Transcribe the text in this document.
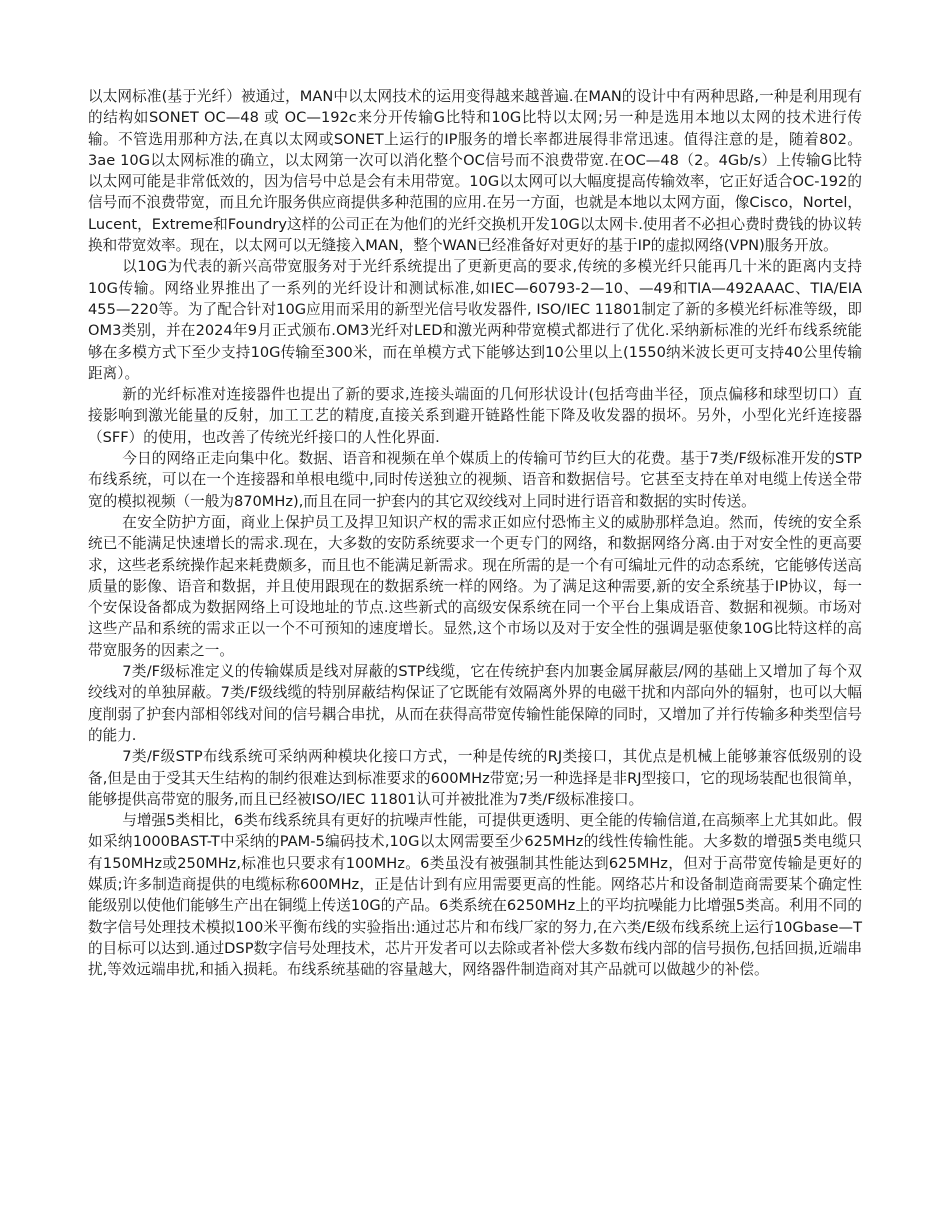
以太网标准(基于光纤）被通过，MAN中以太网技术的运用变得越来越普遍.在MAN的设计中有两种思路,一种是利用现有的结构如SONET OC—48 或 OC—192c来分开传输G比特和10G比特以太网;另一种是选用本地以太网的技术进行传输。不管选用那种方法,在真以太网或SONET上运行的IP服务的增长率都进展得非常迅速。值得注意的是，随着802。3ae 10G以太网标准的确立，以太网第一次可以消化整个OC信号而不浪费带宽.在OC—48（2。4Gb/s）上传输G比特以太网可能是非常低效的，因为信号中总是会有未用带宽。10G以太网可以大幅度提高传输效率，它正好适合OC-192的信号而不浪费带宽，而且允许服务供应商提供多种范围的应用.在另一方面，也就是本地以太网方面，像Cisco，Nortel，Lucent，Extreme和Foundry这样的公司正在为他们的光纤交换机开发10G以太网卡.使用者不必担心费时费钱的协议转换和带宽效率。现在，以太网可以无缝接入MAN，整个WAN已经准备好对更好的基于IP的虚拟网络(VPN)服务开放。

以10G为代表的新兴高带宽服务对于光纤系统提出了更新更高的要求,传统的多模光纤只能再几十米的距离内支持10G传输。网络业界推出了一系列的光纤设计和测试标准,如IEC—60793-2—10、—49和TIA—492AAAC、TIA/EIA 455—220等。为了配合针对10G应用而采用的新型光信号收发器件, ISO/IEC 11801制定了新的多模光纤标准等级，即OM3类别，并在2024年9月正式颁布.OM3光纤对LED和激光两种带宽模式都进行了优化.采纳新标准的光纤布线系统能够在多模方式下至少支持10G传输至300米，而在单模方式下能够达到10公里以上(1550纳米波长更可支持40公里传输距离）。

新的光纤标准对连接器件也提出了新的要求,连接头端面的几何形状设计(包括弯曲半径，顶点偏移和球型切口）直接影响到激光能量的反射，加工工艺的精度,直接关系到避开链路性能下降及收发器的损坏。另外，小型化光纤连接器（SFF）的使用，也改善了传统光纤接口的人性化界面.

今日的网络正走向集中化。数据、语音和视频在单个媒质上的传输可节约巨大的花费。基于7类/F级标准开发的STP布线系统，可以在一个连接器和单根电缆中,同时传送独立的视频、语音和数据信号。它甚至支持在单对电缆上传送全带宽的模拟视频（一般为870MHz),而且在同一护套内的其它双绞线对上同时进行语音和数据的实时传送。

在安全防护方面，商业上保护员工及捍卫知识产权的需求正如应付恐怖主义的威胁那样急迫。然而，传统的安全系统已不能满足快速增长的需求.现在，大多数的安防系统要求一个更专门的网络，和数据网络分离.由于对安全性的更高要求，这些老系统操作起来耗费颇多，而且也不能满足新需求。现在所需的是一个有可编址元件的动态系统，它能够传送高质量的影像、语音和数据，并且使用跟现在的数据系统一样的网络。为了满足这种需要,新的安全系统基于IP协议，每一个安保设备都成为数据网络上可设地址的节点.这些新式的高级安保系统在同一个平台上集成语音、数据和视频。市场对这些产品和系统的需求正以一个不可预知的速度增长。显然,这个市场以及对于安全性的强调是驱使象10G比特这样的高带宽服务的因素之一。

7类/F级标准定义的传输媒质是线对屏蔽的STP线缆，它在传统护套内加裹金属屏蔽层/网的基础上又增加了每个双绞线对的单独屏蔽。7类/F级线缆的特别屏蔽结构保证了它既能有效隔离外界的电磁干扰和内部向外的辐射，也可以大幅度削弱了护套内部相邻线对间的信号耦合串扰，从而在获得高带宽传输性能保障的同时，又增加了并行传输多种类型信号的能力.

7类/F级STP布线系统可采纳两种模块化接口方式，一种是传统的RJ类接口，其优点是机械上能够兼容低级别的设备,但是由于受其天生结构的制约很难达到标准要求的600MHz带宽;另一种选择是非RJ型接口，它的现场装配也很简单，能够提供高带宽的服务,而且已经被ISO/IEC 11801认可并被批准为7类/F级标准接口。

与增强5类相比，6类布线系统具有更好的抗噪声性能，可提供更透明、更全能的传输信道,在高频率上尤其如此。假如采纳1000BAST-T中采纳的PAM-5编码技术,10G以太网需要至少625MHz的线性传输性能。大多数的增强5类电缆只有150MHz或250MHz,标准也只要求有100MHz。6类虽没有被强制其性能达到625MHz，但对于高带宽传输是更好的媒质;许多制造商提供的电缆标称600MHz，正是估计到有应用需要更高的性能。网络芯片和设备制造商需要某个确定性能级别以使他们能够生产出在铜缆上传送10G的产品。6类系统在6250MHz上的平均抗噪能力比增强5类高。利用不同的数字信号处理技术模拟100米平衡布线的实验指出:通过芯片和布线厂家的努力,在六类/E级布线系统上运行10Gbase—T的目标可以达到.通过DSP数字信号处理技术，芯片开发者可以去除或者补偿大多数布线内部的信号损伤,包括回损,近端串扰,等效远端串扰,和插入损耗。布线系统基础的容量越大，网络器件制造商对其产品就可以做越少的补偿。
